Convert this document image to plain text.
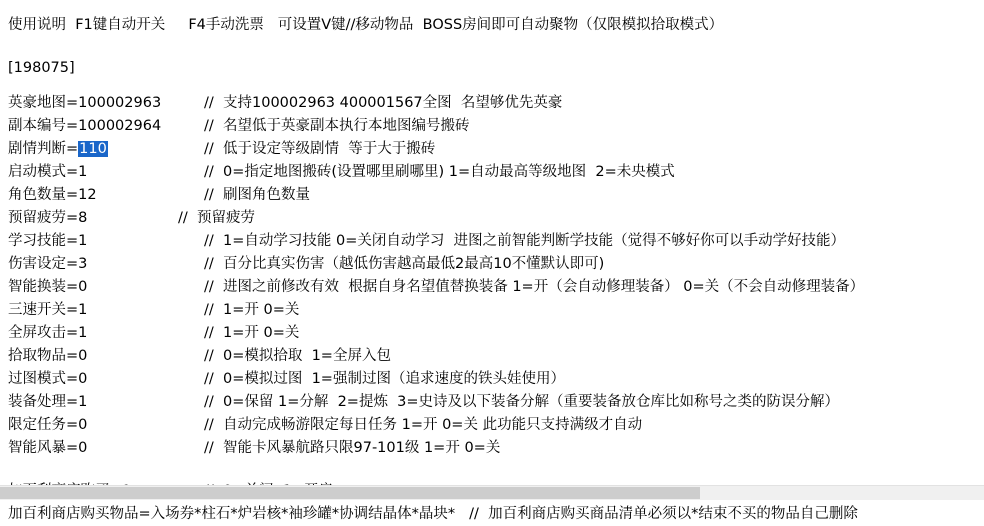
使用说明  F1键自动开关     F4手动洗票   可设置V键//移动物品  BOSS房间即可自动聚物（仅限模拟拾取模式）
[198075]
英豪地图=100002963	//  支持100002963 400001567全图  名望够优先英豪
副本编号=100002964	//  名望低于英豪副本执行本地图编号搬砖
剧情判断=110	//  低于设定等级剧情  等于大于搬砖
启动模式=1	//  0=指定地图搬砖(设置哪里刷哪里) 1=自动最高等级地图  2=未央模式
角色数量=12	//  刷图角色数量
预留疲劳=8	//  预留疲劳
学习技能=1	//  1=自动学习技能 0=关闭自动学习  进图之前智能判断学技能（觉得不够好你可以手动学好技能）
伤害设定=3	//  百分比真实伤害（越低伤害越高最低2最高10不懂默认即可)
智能换装=0	//  进图之前修改有效  根据自身名望值替换装备 1=开（会自动修理装备） 0=关（不会自动修理装备）
三速开关=1	//  1=开 0=关
全屏攻击=1	//  1=开 0=关
拾取物品=0	//  0=模拟拾取  1=全屏入包
过图模式=0	//  0=模拟过图  1=强制过图（追求速度的铁头娃使用）
装备处理=1	//  0=保留 1=分解  2=提炼  3=史诗及以下装备分解（重要装备放仓库比如称号之类的防误分解）
限定任务=0	//  自动完成畅游限定每日任务 1=开 0=关 此功能只支持满级才自动
智能风暴=0	//  智能卡风暴航路只限97-101级 1=开 0=关
加百利商店购买物品=入场券*柱石*炉岩核*袖珍罐*协调结晶体*晶块* //  加百利商店购买商品清单必须以*结束不买的物品自己删除
